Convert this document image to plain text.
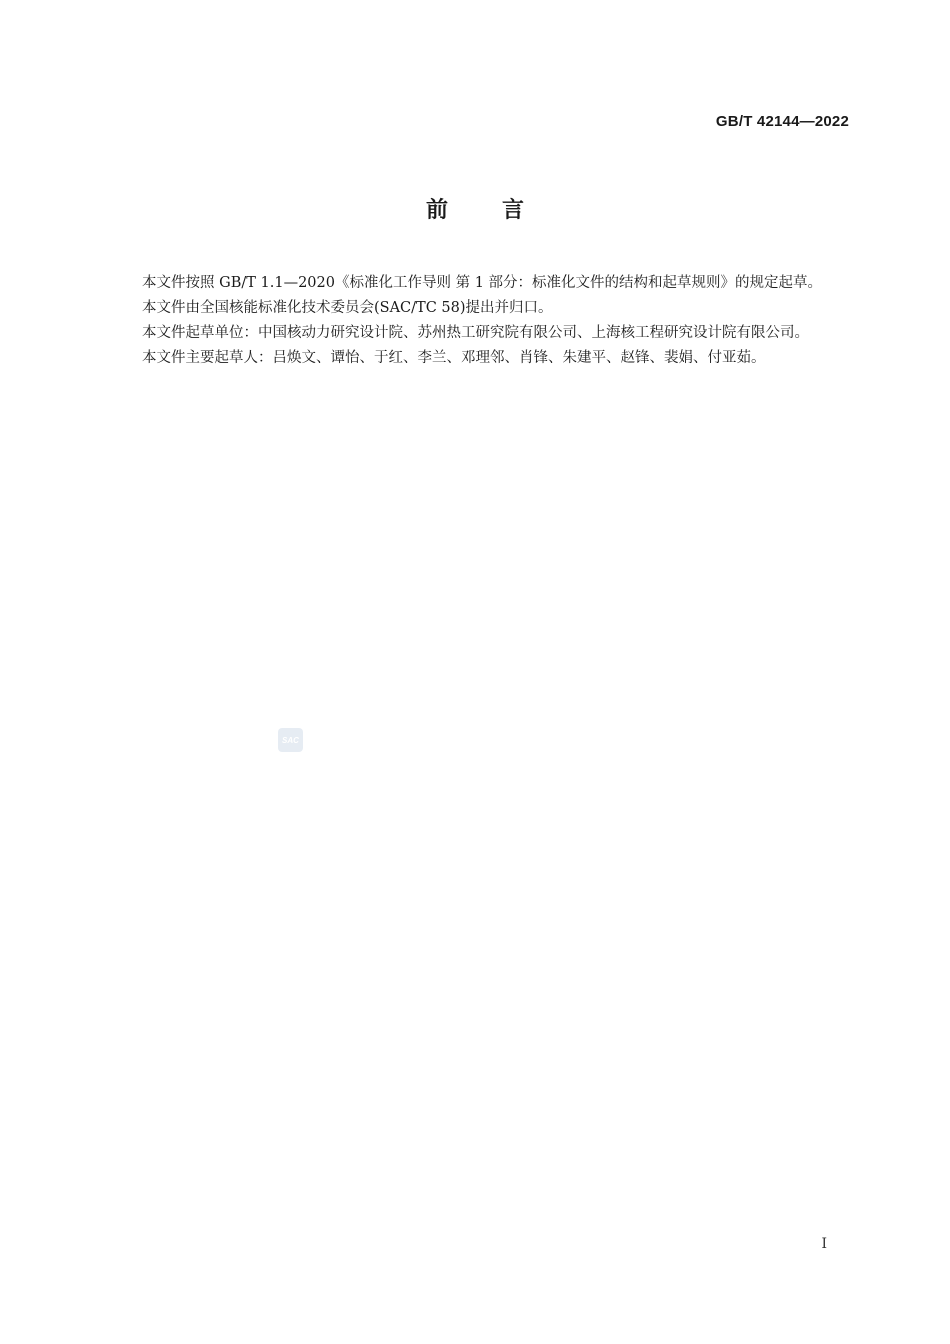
GB/T 42144—2022
前 言

本文件按照 GB/T 1.1—2020《标准化工作导则 第 1 部分：标准化文件的结构和起草规则》的规定起草。

本文件由全国核能标准化技术委员会(SAC/TC 58)提出并归口。

本文件起草单位：中国核动力研究设计院、苏州热工研究院有限公司、上海核工程研究设计院有限公司。

本文件主要起草人：吕焕文、谭怡、于红、李兰、邓理邻、肖锋、朱建平、赵锋、裴娟、付亚茹。

SAC
I
